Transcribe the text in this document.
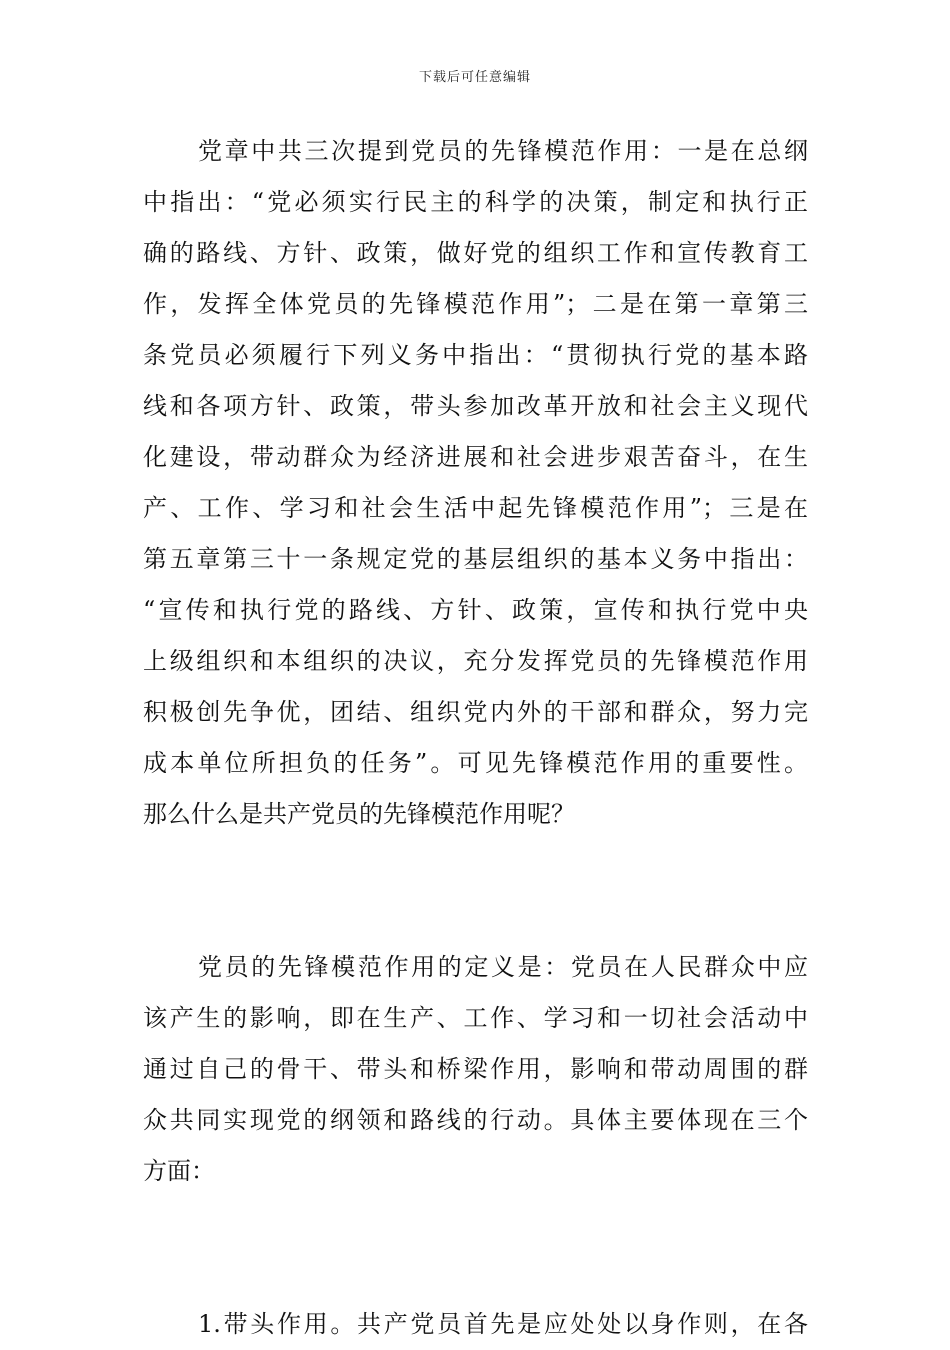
下载后可任意编辑
党章中共三次提到党员的先锋模范作用：一是在总纲
中指出：“党必须实行民主的科学的决策，制定和执行正
确的路线、方针、政策，做好党的组织工作和宣传教育工
作，发挥全体党员的先锋模范作用”；二是在第一章第三
条党员必须履行下列义务中指出：“贯彻执行党的基本路
线和各项方针、政策，带头参加改革开放和社会主义现代
化建设，带动群众为经济进展和社会进步艰苦奋斗，在生
产、工作、学习和社会生活中起先锋模范作用”；三是在
第五章第三十一条规定党的基层组织的基本义务中指出：
“宣传和执行党的路线、方针、政策，宣传和执行党中央
上级组织和本组织的决议，充分发挥党员的先锋模范作用
积极创先争优，团结、组织党内外的干部和群众，努力完
成本单位所担负的任务”。可见先锋模范作用的重要性。
那么什么是共产党员的先锋模范作用呢？
党员的先锋模范作用的定义是：党员在人民群众中应
该产生的影响，即在生产、工作、学习和一切社会活动中
通过自己的骨干、带头和桥梁作用，影响和带动周围的群
众共同实现党的纲领和路线的行动。具体主要体现在三个
方面：
1.带头作用。共产党员首先是应处处以身作则，在各
